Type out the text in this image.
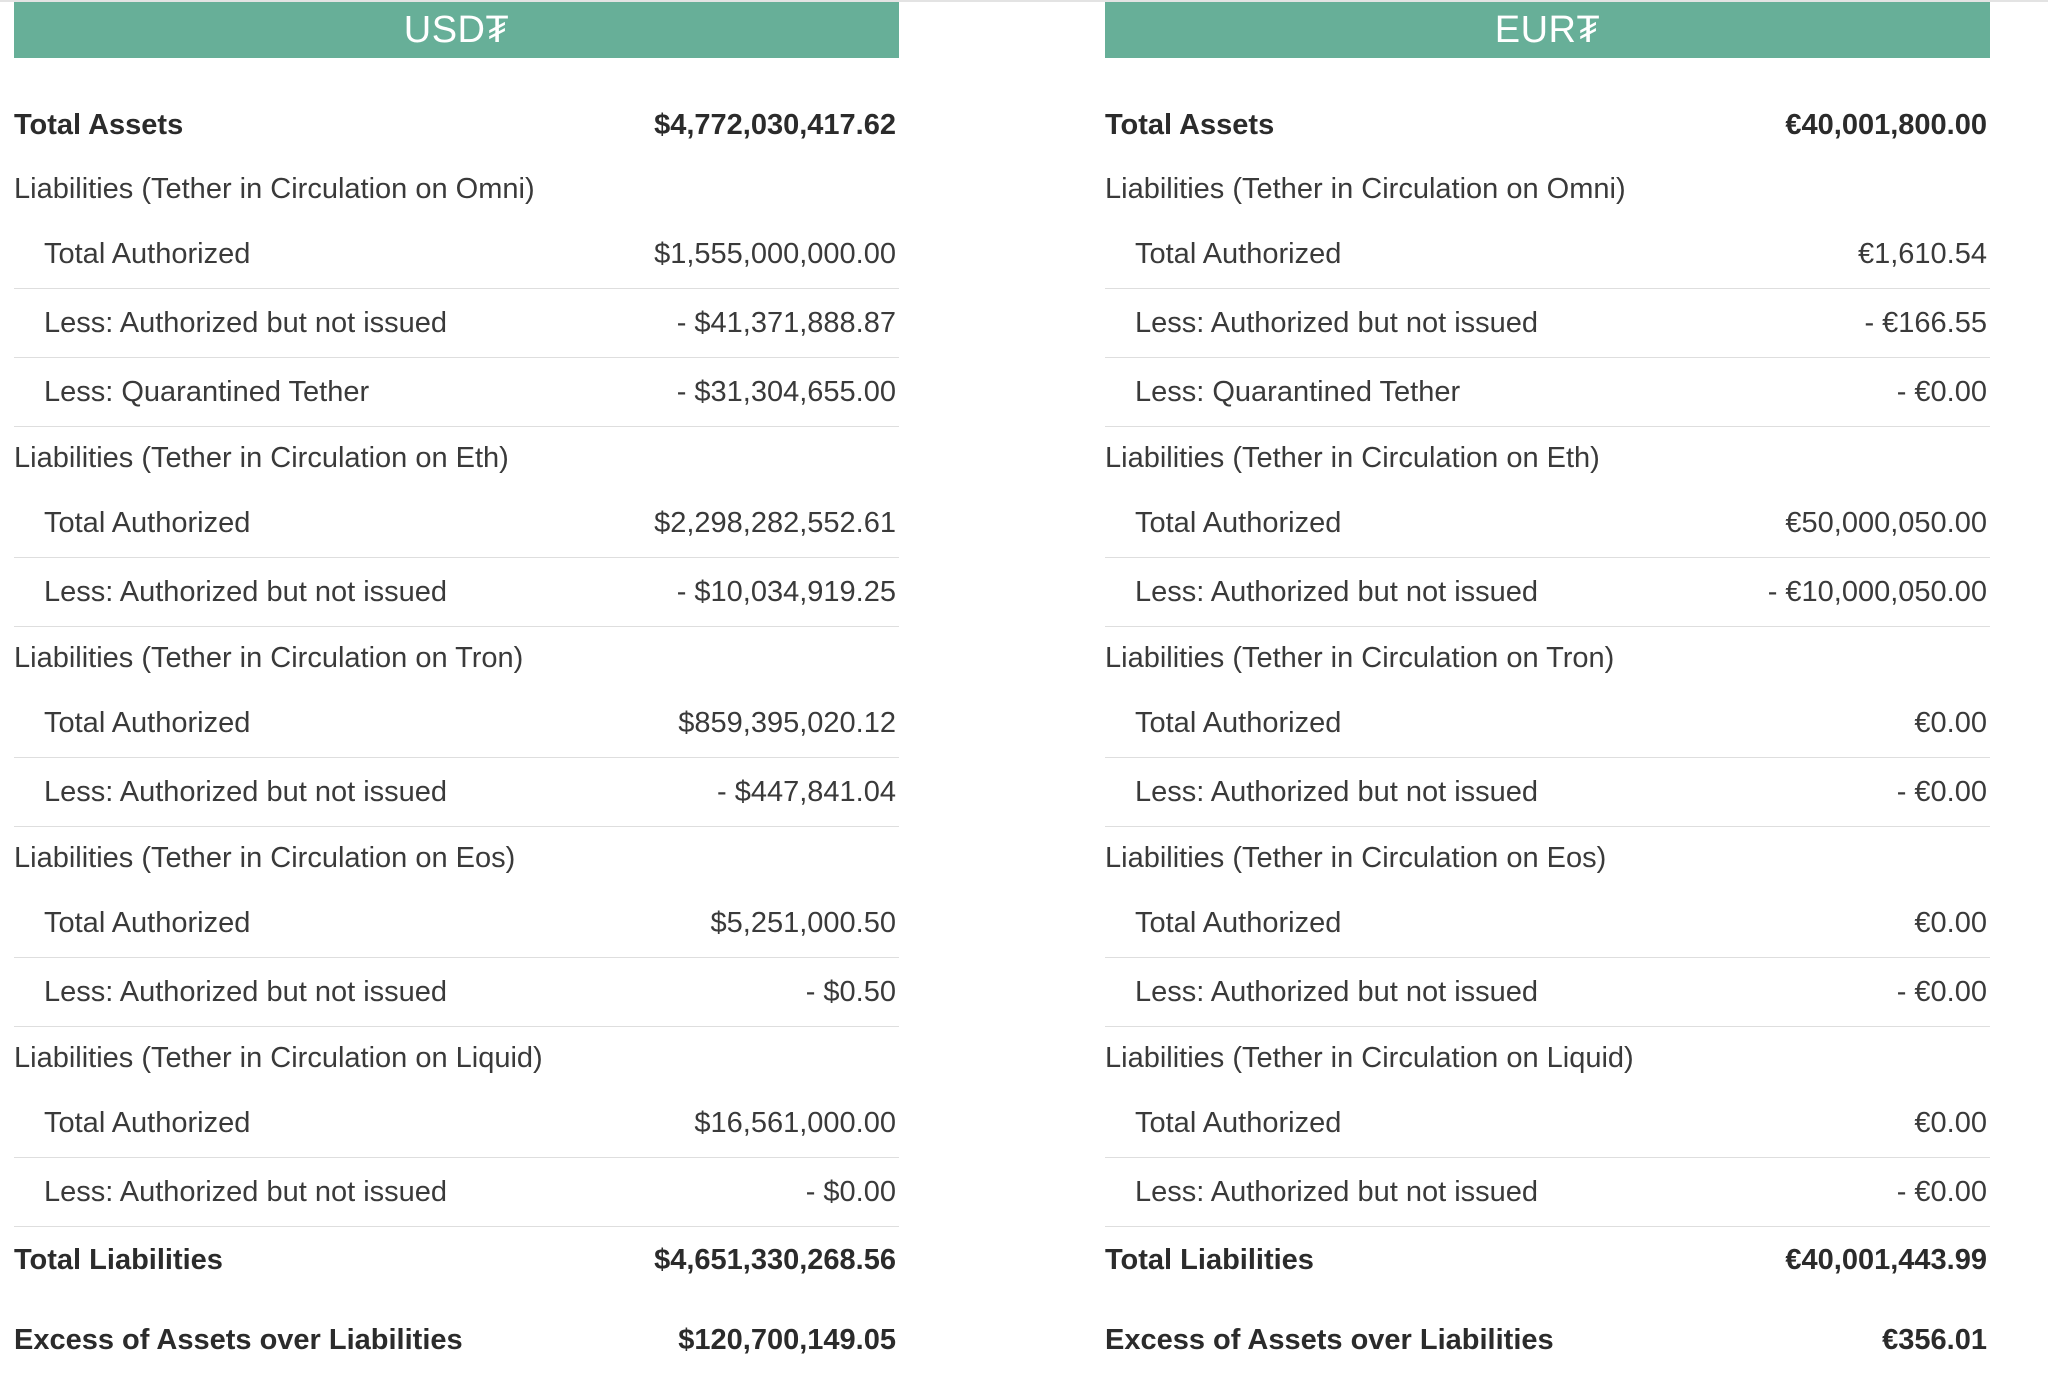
USD₮
Total Assets	$4,772,030,417.62
Liabilities (Tether in Circulation on Omni)
Total Authorized	$1,555,000,000.00
Less: Authorized but not issued	- $41,371,888.87
Less: Quarantined Tether	- $31,304,655.00
Liabilities (Tether in Circulation on Eth)
Total Authorized	$2,298,282,552.61
Less: Authorized but not issued	- $10,034,919.25
Liabilities (Tether in Circulation on Tron)
Total Authorized	$859,395,020.12
Less: Authorized but not issued	- $447,841.04
Liabilities (Tether in Circulation on Eos)
Total Authorized	$5,251,000.50
Less: Authorized but not issued	- $0.50
Liabilities (Tether in Circulation on Liquid)
Total Authorized	$16,561,000.00
Less: Authorized but not issued	- $0.00
Total Liabilities	$4,651,330,268.56
Excess of Assets over Liabilities	$120,700,149.05
EUR₮
Total Assets	€40,001,800.00
Liabilities (Tether in Circulation on Omni)
Total Authorized	€1,610.54
Less: Authorized but not issued	- €166.55
Less: Quarantined Tether	- €0.00
Liabilities (Tether in Circulation on Eth)
Total Authorized	€50,000,050.00
Less: Authorized but not issued	- €10,000,050.00
Liabilities (Tether in Circulation on Tron)
Total Authorized	€0.00
Less: Authorized but not issued	- €0.00
Liabilities (Tether in Circulation on Eos)
Total Authorized	€0.00
Less: Authorized but not issued	- €0.00
Liabilities (Tether in Circulation on Liquid)
Total Authorized	€0.00
Less: Authorized but not issued	- €0.00
Total Liabilities	€40,001,443.99
Excess of Assets over Liabilities	€356.01
